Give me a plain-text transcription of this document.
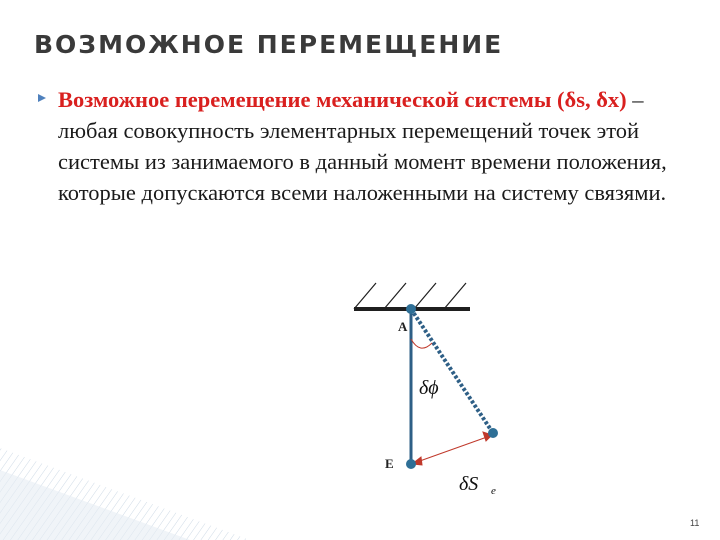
ВОЗМОЖНОЕ ПЕРЕМЕЩЕНИЕ
Возможное перемещение механической системы (δs, δx) – любая совокупность элементарных перемещений точек этой системы из занимаемого в данный момент времени положения, которые допускаются всеми наложенными на систему связями.
A
E
δϕ
δS e
11
